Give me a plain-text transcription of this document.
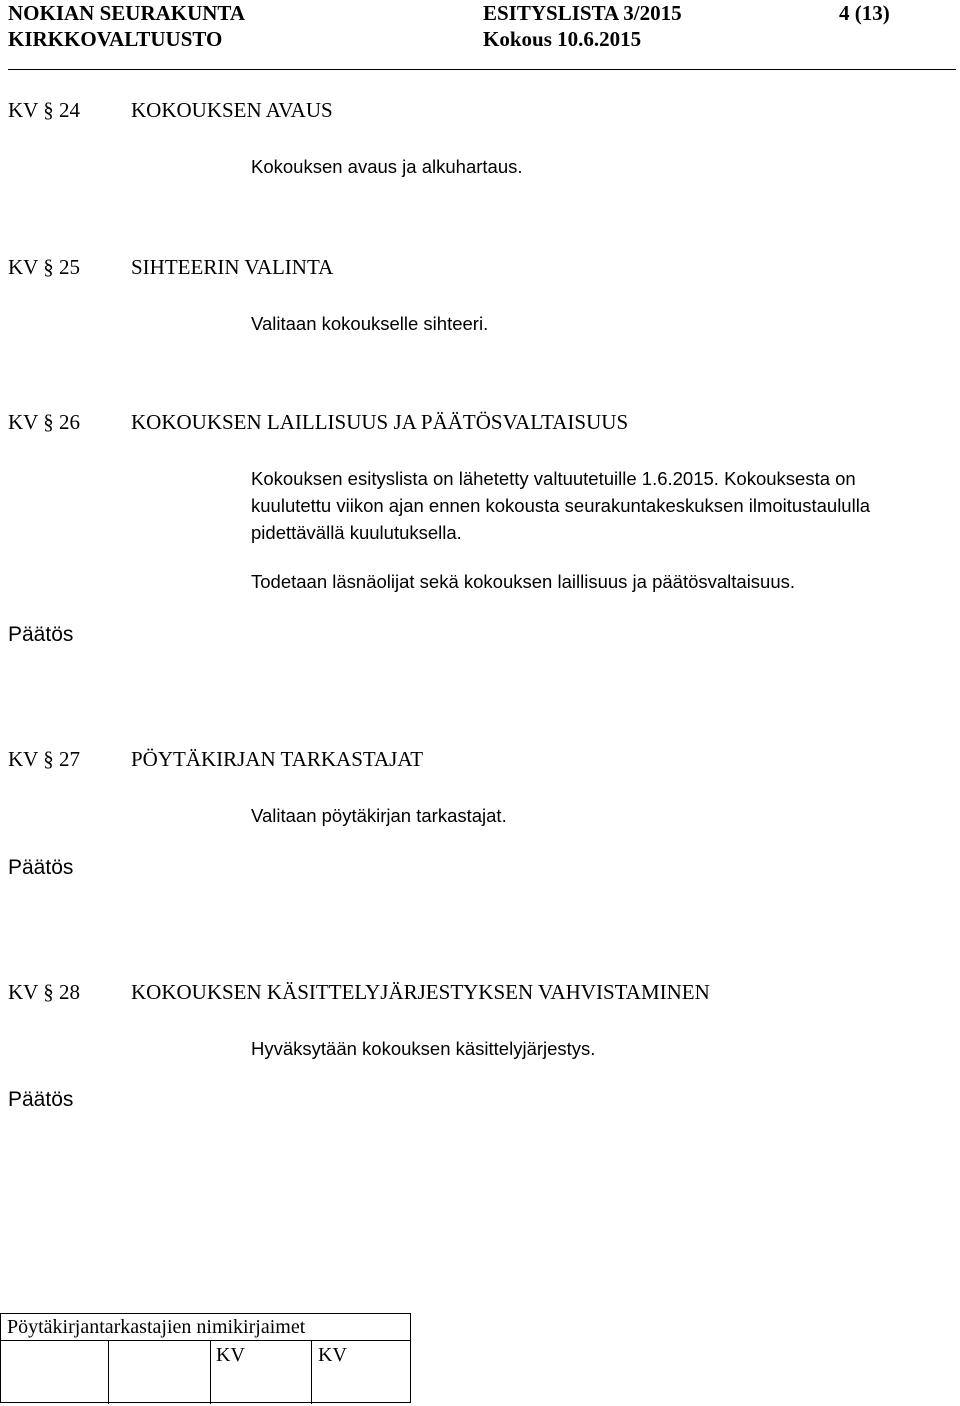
NOKIAN SEURAKUNTA
KIRKKOVALTUUSTO
ESITYSLISTA 3/2015
Kokous 10.6.2015
4 (13)
KV § 24 KOKOUKSEN AVAUS
Kokouksen avaus ja alkuhartaus.
KV § 25 SIHTEERIN VALINTA
Valitaan kokoukselle sihteeri.
KV § 26 KOKOUKSEN LAILLISUUS JA PÄÄTÖSVALTAISUUS
Kokouksen esityslista on lähetetty valtuutetuille 1.6.2015. Kokouksesta on
kuulutettu viikon ajan ennen kokousta seurakuntakeskuksen ilmoitustaululla
pidettävällä kuulutuksella.
Todetaan läsnäolijat sekä kokouksen laillisuus ja päätösvaltaisuus.
Päätös
KV § 27 PÖYTÄKIRJAN TARKASTAJAT
Valitaan pöytäkirjan tarkastajat.
Päätös
KV § 28 KOKOUKSEN KÄSITTELYJÄRJESTYKSEN VAHVISTAMINEN
Hyväksytään kokouksen käsittelyjärjestys.
Päätös
Pöytäkirjantarkastajien nimikirjaimet
KV	KV
